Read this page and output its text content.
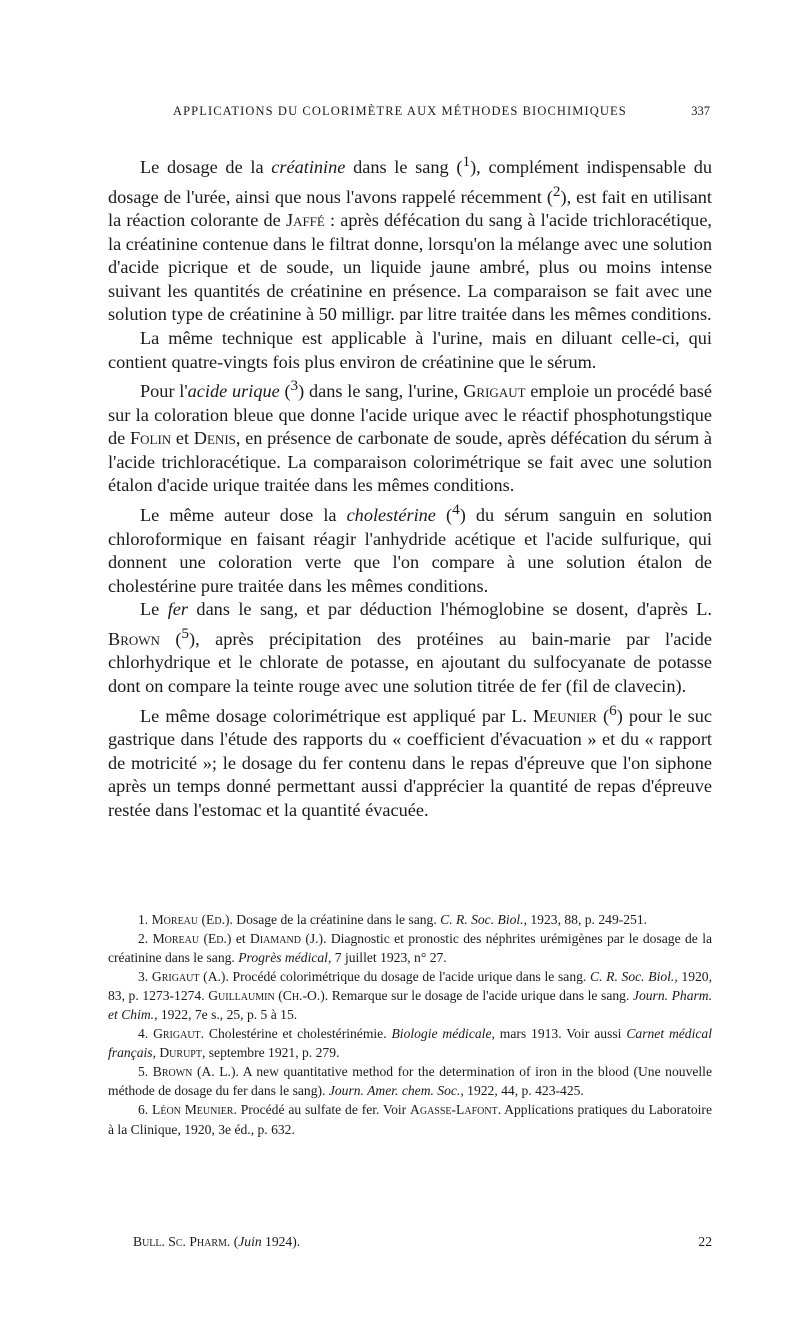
APPLICATIONS DU COLORIMÈTRE AUX MÉTHODES BIOCHIMIQUES	337

Le dosage de la créatinine dans le sang ($^1$), complément indispensable du dosage de l'urée, ainsi que nous l'avons rappelé récemment ($^2$), est fait en utilisant la réaction colorante de Jaffé : après défécation du sang à l'acide trichloracétique, la créatinine contenue dans le filtrat donne, lorsqu'on la mélange avec une solution d'acide picrique et de soude, un liquide jaune ambré, plus ou moins intense suivant les quantités de créatinine en présence. La comparaison se fait avec une solution type de créatinine à 50 milligr. par litre traitée dans les mêmes conditions.

La même technique est applicable à l'urine, mais en diluant celle-ci, qui contient quatre-vingts fois plus environ de créatinine que le sérum.

Pour l'acide urique ($^3$) dans le sang, l'urine, Grigaut emploie un procédé basé sur la coloration bleue que donne l'acide urique avec le réactif phosphotungstique de Folin et Denis, en présence de carbonate de soude, après défécation du sérum à l'acide trichloracétique. La comparaison colorimétrique se fait avec une solution étalon d'acide urique traitée dans les mêmes conditions.

Le même auteur dose la cholestérine ($^4$) du sérum sanguin en solution chloroformique en faisant réagir l'anhydride acétique et l'acide sulfurique, qui donnent une coloration verte que l'on compare à une solution étalon de cholestérine pure traitée dans les mêmes conditions.

Le fer dans le sang, et par déduction l'hémoglobine se dosent, d'après L. Brown ($^5$), après précipitation des protéines au bain-marie par l'acide chlorhydrique et le chlorate de potasse, en ajoutant du sulfocyanate de potasse dont on compare la teinte rouge avec une solution titrée de fer (fil de clavecin).

Le même dosage colorimétrique est appliqué par L. Meunier ($^6$) pour le suc gastrique dans l'étude des rapports du « coefficient d'évacuation » et du « rapport de motricité »; le dosage du fer contenu dans le repas d'épreuve que l'on siphone après un temps donné permettant aussi d'apprécier la quantité de repas d'épreuve restée dans l'estomac et la quantité évacuée.

1. Moreau (Ed.). Dosage de la créatinine dans le sang. C. R. Soc. Biol., 1923, 88, p. 249-251.

2. Moreau (Ed.) et Diamand (J.). Diagnostic et pronostic des néphrites urémigènes par le dosage de la créatinine dans le sang. Progrès médical, 7 juillet 1923, n° 27.

3. Grigaut (A.). Procédé colorimétrique du dosage de l'acide urique dans le sang. C. R. Soc. Biol., 1920, 83, p. 1273-1274. Guillaumin (Ch.-O.). Remarque sur le dosage de l'acide urique dans le sang. Journ. Pharm. et Chim., 1922, 7e s., 25, p. 5 à 15.

4. Grigaut. Cholestérine et cholestérinémie. Biologie médicale, mars 1913. Voir aussi Carnet médical français, Durupt, septembre 1921, p. 279.

5. Brown (A. L.). A new quantitative method for the determination of iron in the blood (Une nouvelle méthode de dosage du fer dans le sang). Journ. Amer. chem. Soc., 1922, 44, p. 423-425.

6. Léon Meunier. Procédé au sulfate de fer. Voir Agasse-Lafont. Applications pratiques du Laboratoire à la Clinique, 1920, 3e éd., p. 632.

Bull. Sc. Pharm. (Juin 1924).	22
